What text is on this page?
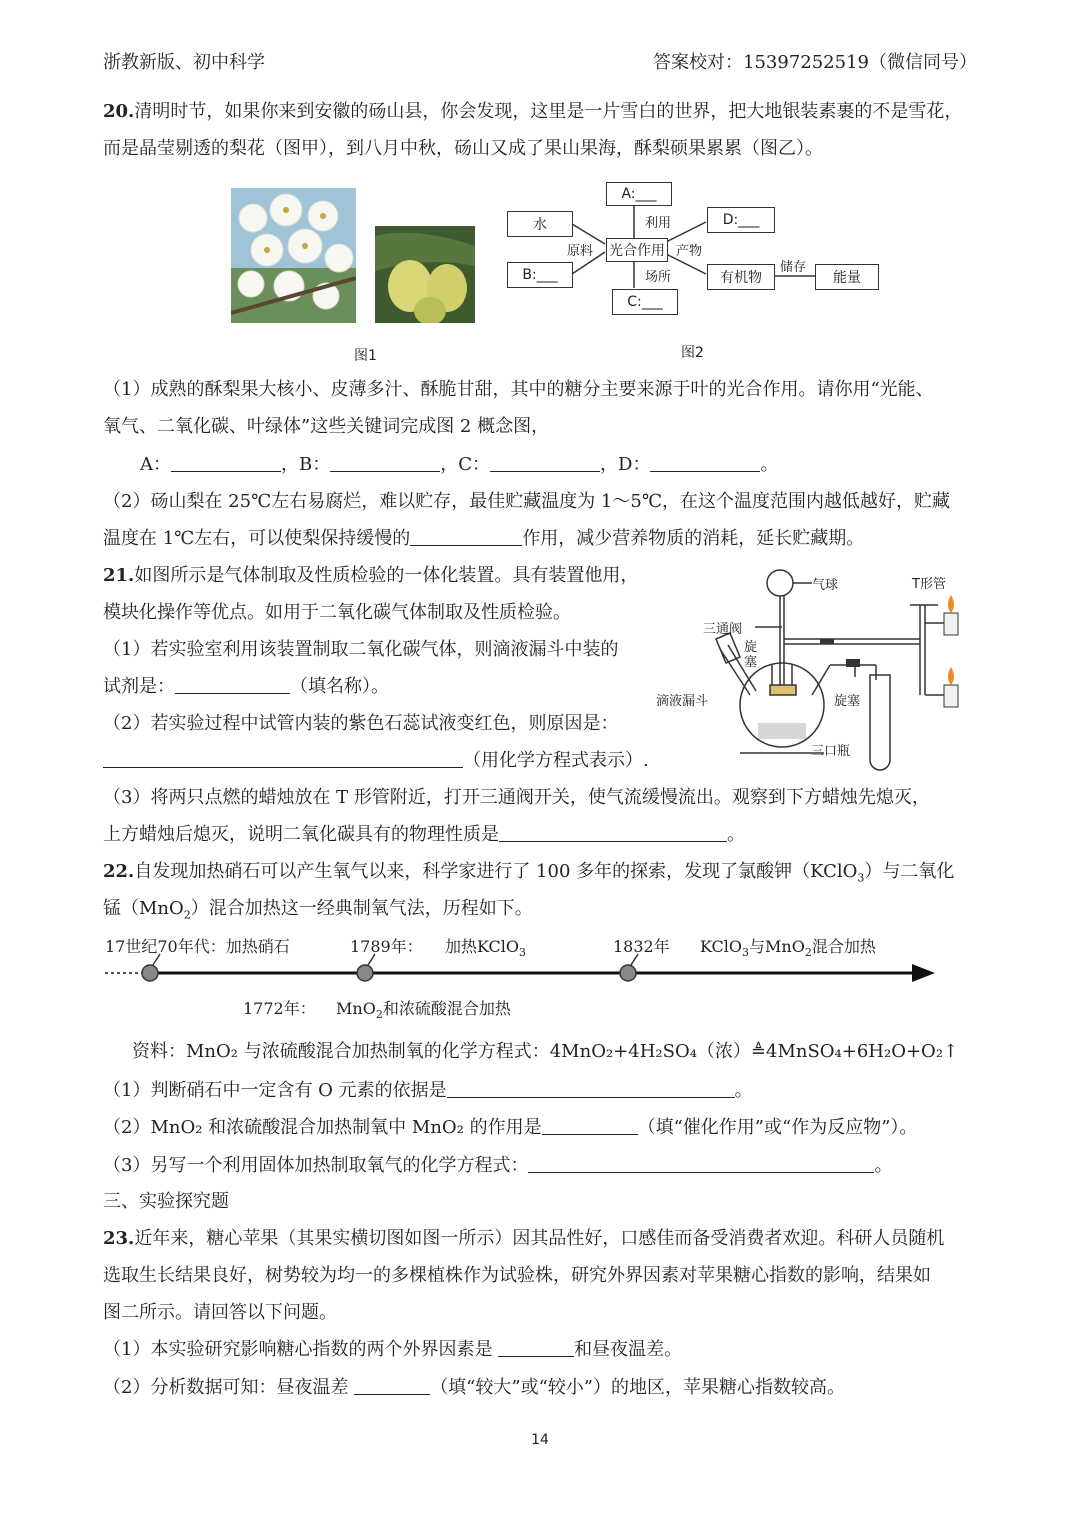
浙教新版、初中科学	答案校对：15397252519（微信同号）
20.清明时节，如果你来到安徽的砀山县，你会发现，这里是一片雪白的世界，把大地银装素裹的不是雪花，
而是晶莹剔透的梨花（图甲），到八月中秋，砀山又成了果山果海，酥梨硕果累累（图乙）。
图1	图2
A:___
利用
水
原料 光合作用 产物
D:___
B:___	场所	有机物
储存
能量
C:___
（1）成熟的酥梨果大核小、皮薄多汁、酥脆甘甜，其中的糖分主要来源于叶的光合作用。请你用“光能、
氧气、二氧化碳、叶绿体”这些关键词完成图 2 概念图，
A：	，B：	，C：	，D：	。
（2）砀山梨在 25℃左右易腐烂，难以贮存，最佳贮藏温度为 1～5℃，在这个温度范围内越低越好，贮藏
温度在 1℃左右，可以使梨保持缓慢的	作用，减少营养物质的消耗，延长贮藏期。
21.如图所示是气体制取及性质检验的一体化装置。具有装置他用，
模块化操作等优点。如用于二氧化碳气体制取及性质检验。
（1）若实验室利用该装置制取二氧化碳气体，则滴液漏斗中装的
试剂是：	（填名称）。
（2）若实验过程中试管内装的紫色石蕊试液变红色，则原因是：
（用化学方程式表示）.
气球	T形管
三通阀
旋塞
滴液漏斗	旋塞
三口瓶
（3）将两只点燃的蜡烛放在 T 形管附近，打开三通阀开关，使气流缓慢流出。观察到下方蜡烛先熄灭，
上方蜡烛后熄灭，说明二氧化碳具有的物理性质是	。
22.自发现加热硝石可以产生氧气以来，科学家进行了 100 多年的探索，发现了氯酸钾（KClO$_3$）与二氧化
锰（MnO$_2$）混合加热这一经典制氧气法，历程如下。
17世纪70年代：加热硝石	1789年： 加热KClO$_3$	1832年 KClO$_3$与MnO$_2$混合加热
1772年： MnO$_2$和浓硫酸混合加热
资料：MnO₂ 与浓硫酸混合加热制氧的化学方程式：4MnO₂+4H₂SO₄（浓）≜4MnSO₄+6H₂O+O₂↑
（1）判断硝石中一定含有 O 元素的依据是	。
（2）MnO₂ 和浓硫酸混合加热制氧中 MnO₂ 的作用是	（填“催化作用”或“作为反应物”）。
（3）另写一个利用固体加热制取氧气的化学方程式：	。
三、实验探究题
23.近年来，糖心苹果（其果实横切图如图一所示）因其品性好，口感佳而备受消费者欢迎。科研人员随机
选取生长结果良好，树势较为均一的多棵植株作为试验株，研究外界因素对苹果糖心指数的影响，结果如
图二所示。请回答以下问题。
（1）本实验研究影响糖心指数的两个外界因素是	和昼夜温差。
（2）分析数据可知：昼夜温差	（填“较大”或“较小”）的地区，苹果糖心指数较高。
14
